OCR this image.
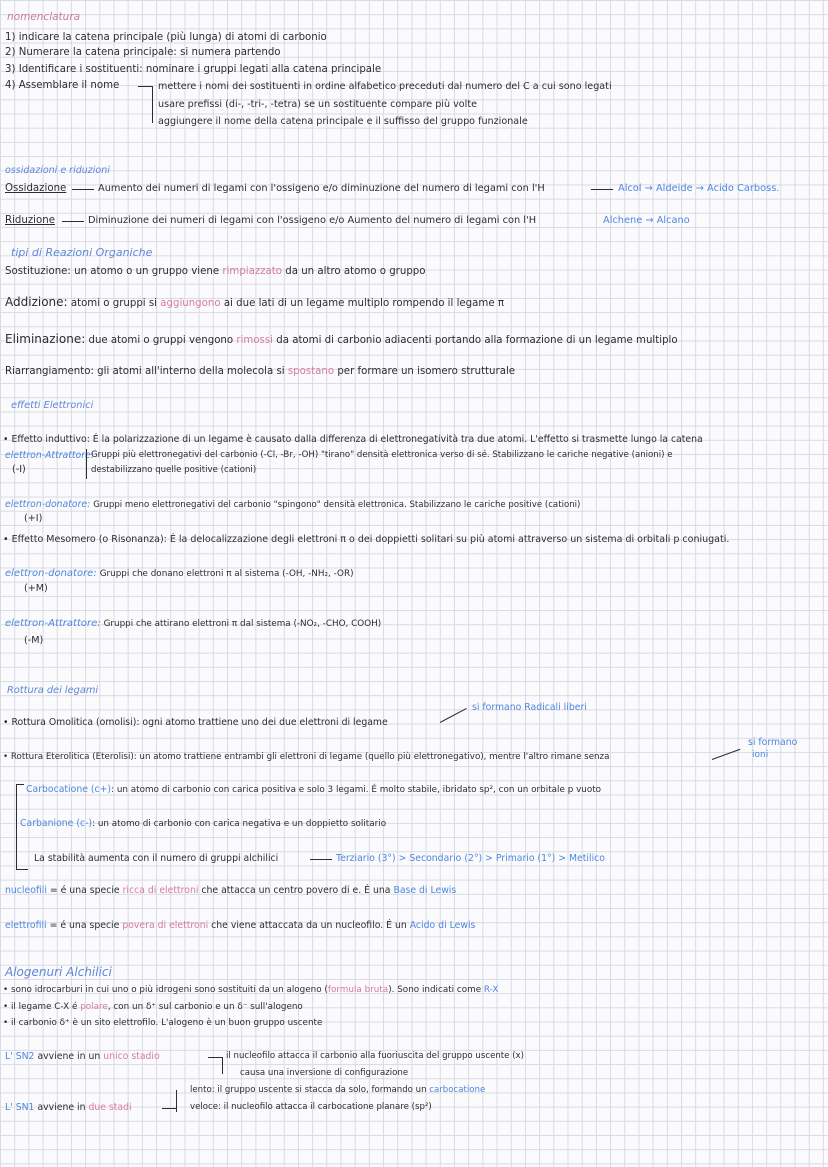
nomenclatura
1) indicare la catena principale (più lunga) di atomi di carbonio
2) Numerare la catena principale: si numera partendo
3) Identificare i sostituenti: nominare i gruppi legati alla catena principale
4) Assemblare il nome	mettere i nomi dei sostituenti in ordine alfabetico preceduti dal numero del C a cui sono legati
usare prefissi (di-, -tri-, -tetra) se un sostituente compare più volte
aggiungere il nome della catena principale e il suffisso del gruppo funzionale
ossidazioni e riduzioni
Ossidazione	Aumento dei numeri di legami con l'ossigeno e/o diminuzione del numero di legami con l'H	Alcol → Aldeide → Acido Carboss.
Riduzione	Diminuzione dei numeri di legami con l'ossigeno e/o Aumento del numero di legami con l'H	Alchene → Alcano
tipi di Reazioni Organiche
Sostituzione: un atomo o un gruppo viene rimpiazzato da un altro atomo o gruppo
Addizione: atomi o gruppi si aggiungono ai due lati di un legame multiplo rompendo il legame π
Eliminazione: due atomi o gruppi vengono rimossi da atomi di carbonio adiacenti portando alla formazione di un legame multiplo
Riarrangiamento: gli atomi all'interno della molecola si spostano per formare un isomero strutturale
effetti Elettronici
• Effetto induttivo: É la polarizzazione di un legame è causato dalla differenza di elettronegatività tra due atomi. L'effetto si trasmette lungo la catena
elettron-Attrattore:
(-I)
Gruppi più elettronegativi del carbonio (-Cl, -Br, -OH) "tirano" densità elettronica verso di sé. Stabilizzano le cariche negative (anioni) e
destabilizzano quelle positive (cationi)
elettron-donatore: Gruppi meno elettronegativi del carbonio "spingono" densità elettronica. Stabilizzano le cariche positive (cationi)
(+I)
• Effetto Mesomero (o Risonanza): É la delocalizzazione degli elettroni π o dei doppietti solitari su più atomi attraverso un sistema di orbitali p coniugati.
elettron-donatore: Gruppi che donano elettroni π al sistema (-OH, -NH₂, -OR)
(+M)
elettron-Attrattore: Gruppi che attirano elettroni π dal sistema (-NO₂, -CHO, COOH)
(-M)
Rottura dei legami
• Rottura Omolitica (omolisi): ogni atomo trattiene uno dei due elettroni di legame
si formano Radicali liberi
• Rottura Eterolitica (Eterolisi): un atomo trattiene entrambi gli elettroni di legame (quello più elettronegativo), mentre l'altro rimane senza
si formano
ioni
Carbocatione (c+): un atomo di carbonio con carica positiva e solo 3 legami. É molto stabile, ibridato sp², con un orbitale p vuoto
Carbanione (c-): un atomo di carbonio con carica negativa e un doppietto solitario
La stabilità aumenta con il numero di gruppi alchilici	Terziario (3°) > Secondario (2°) > Primario (1°) > Metilico
nucleofili = é una specie ricca di elettroni che attacca un centro povero di e. É una Base di Lewis
elettrofili = é una specie povera di elettroni che viene attaccata da un nucleofilo. É un Acido di Lewis
Alogenuri Alchilici
• sono idrocarburi in cui uno o più idrogeni sono sostituiti da un alogeno (formula bruta). Sono indicati come R-X
• il legame C-X é polare, con un δ⁺ sul carbonio e un δ⁻ sull'alogeno
• il carbonio δ⁺ è un sito elettrofilo. L'alogeno è un buon gruppo uscente
L' SN2 avviene in un unico stadio	il nucleofilo attacca il carbonio alla fuoriuscita del gruppo uscente (x)
causa una inversione di configurazione
L' SN1 avviene in due stadi
lento: il gruppo uscente si stacca da solo, formando un carbocatione
veloce: il nucleofilo attacca il carbocatione planare (sp²)
